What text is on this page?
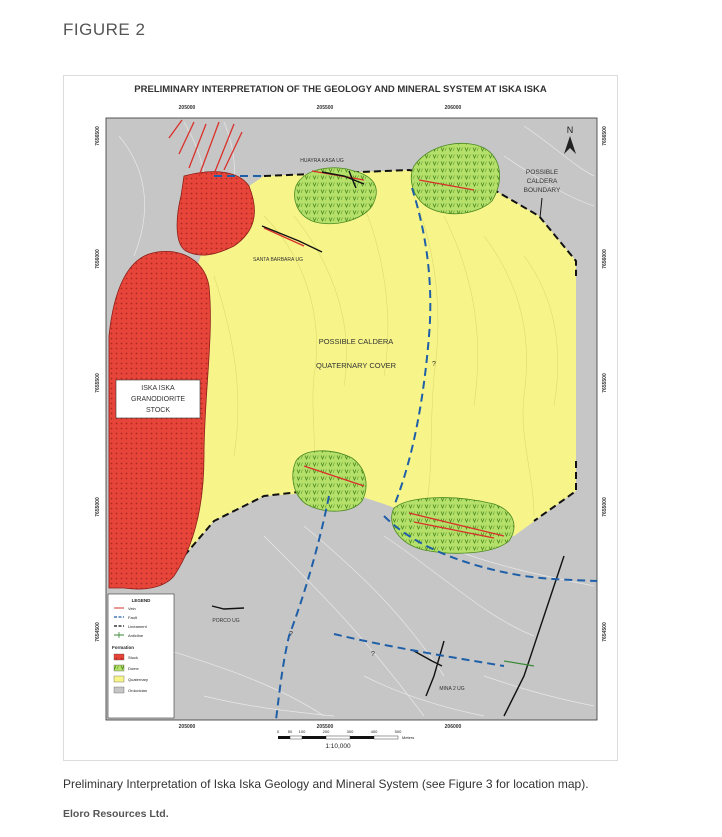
FIGURE 2
PRELIMINARY INTERPRETATION OF THE GEOLOGY AND MINERAL SYSTEM AT ISKA ISKA
N
ISKA ISKA
GRANODIORITE
STOCK
POSSIBLE CALDERA
QUATERNARY COVER
POSSIBLE
CALDERA
BOUNDARY
HUAYRA KASA UG
SANTA BARBARA UG
PORCO UG
MINA 2 UG
?
?
?
LEGEND
Vein
Fault
Lineament
Anticline
Formation
Stock
Dome
Quaternary
Ordovician
205000	205500	206000
205000	205500	206000
7656500
7656000
7655500
7655000
7654500
7656500
7656000
7655500
7655000
7654500
0 50 100	200	300	400	500
Meters
1:10,000
Preliminary Interpretation of Iska Iska Geology and Mineral System (see Figure 3 for location map).
Eloro Resources Ltd.
